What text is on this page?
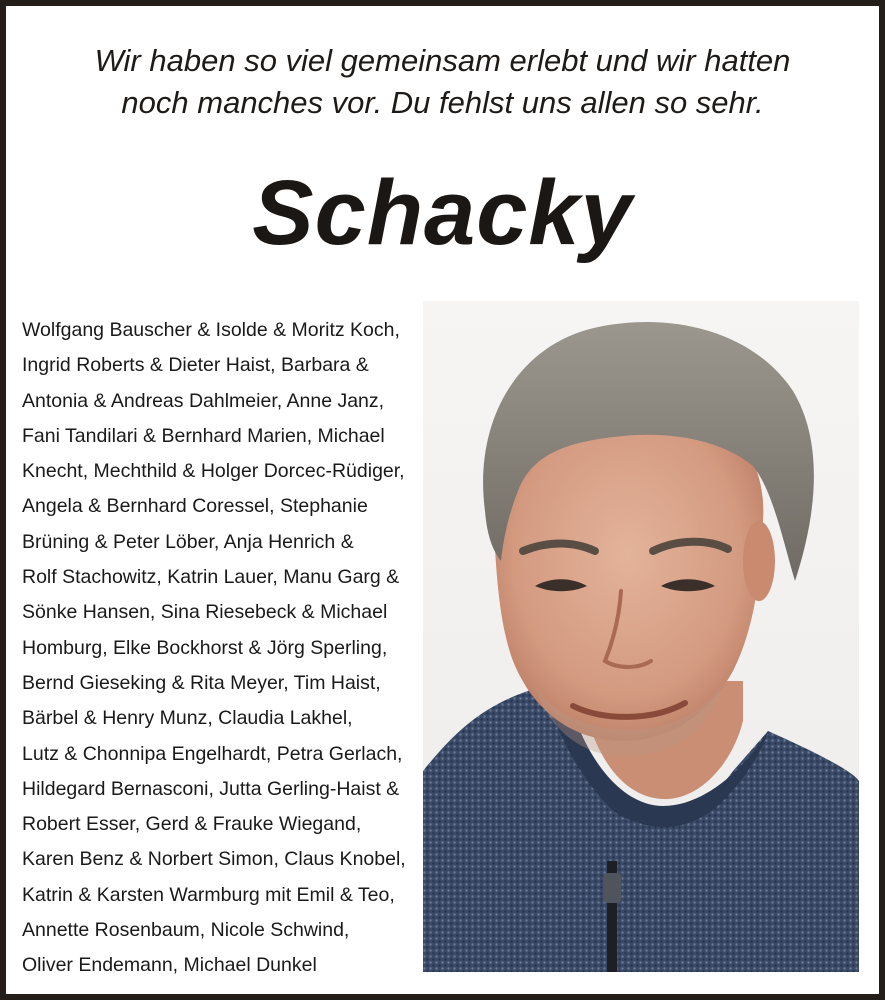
Wir haben so viel gemeinsam erlebt und wir hatten
noch manches vor. Du fehlst uns allen so sehr.
Schacky
Wolfgang Bauscher & Isolde & Moritz Koch,
Ingrid Roberts & Dieter Haist, Barbara &
Antonia & Andreas Dahlmeier, Anne Janz,
Fani Tandilari & Bernhard Marien, Michael
Knecht, Mechthild & Holger Dorcec-Rüdiger,
Angela & Bernhard Coressel, Stephanie
Brüning & Peter Löber, Anja Henrich &
Rolf Stachowitz, Katrin Lauer, Manu Garg &
Sönke Hansen, Sina Riesebeck & Michael
Homburg, Elke Bockhorst & Jörg Sperling,
Bernd Gieseking & Rita Meyer, Tim Haist,
Bärbel & Henry Munz, Claudia Lakhel,
Lutz & Chonnipa Engelhardt, Petra Gerlach,
Hildegard Bernasconi, Jutta Gerling-Haist &
Robert Esser, Gerd & Frauke Wiegand,
Karen Benz & Norbert Simon, Claus Knobel,
Katrin & Karsten Warmburg mit Emil & Teo,
Annette Rosenbaum, Nicole Schwind,
Oliver Endemann, Michael Dunkel
